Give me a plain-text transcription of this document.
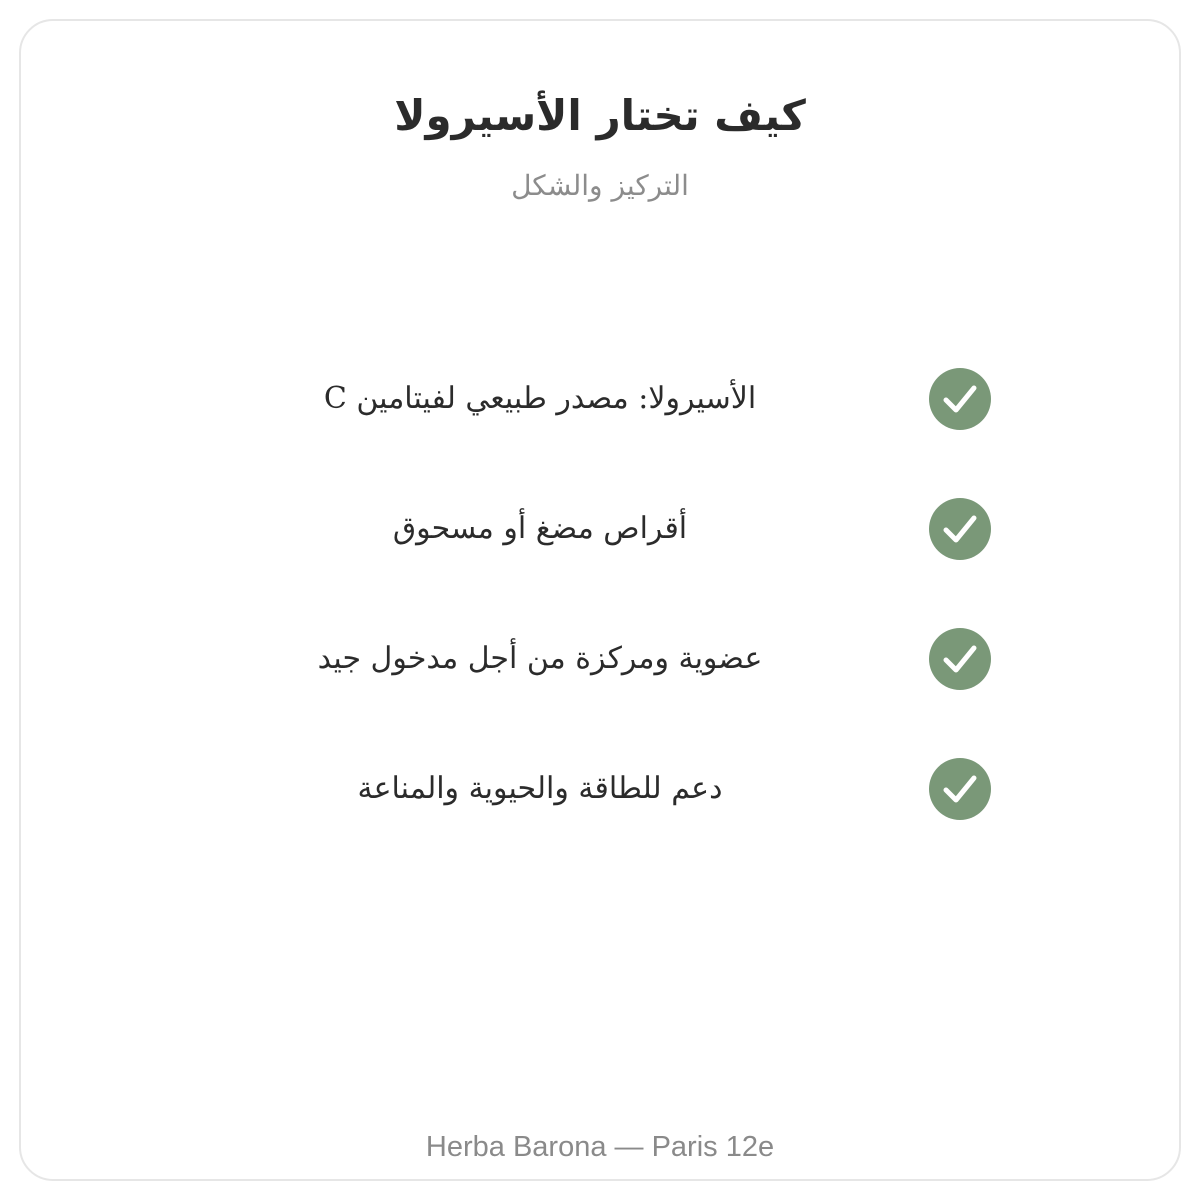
كيف تختار الأسيرولا
التركيز والشكل
الأسيرولا: مصدر طبيعي لفيتامين C
أقراص مضغ أو مسحوق
عضوية ومركزة من أجل مدخول جيد
دعم للطاقة والحيوية والمناعة
Herba Barona — Paris 12e
